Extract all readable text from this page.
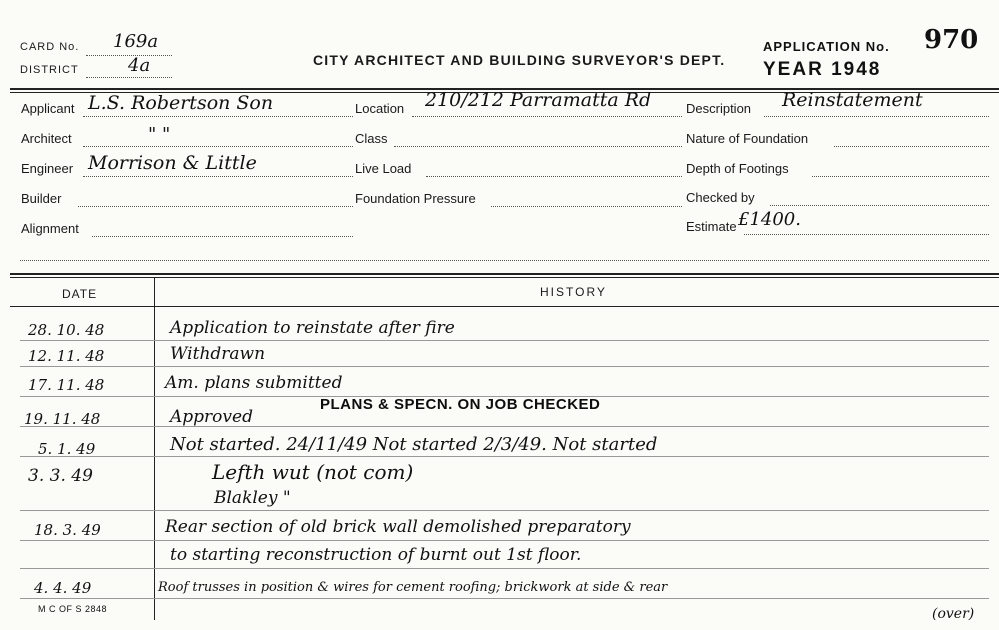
CARD No. 169a
DISTRICT	4a	CITY ARCHITECT AND BUILDING SURVEYOR'S DEPT.
APPLICATION No. 970
YEAR 1948
Applicant L.S. Robertson Son
Architect	" "
Engineer Morrison & Little
Builder
Alignment
Location 210/212 Parramatta Rd
Class
Live Load
Foundation Pressure
Description Reinstatement
Nature of Foundation
Depth of Footings
Checked by
Estimate £1400.
DATE	HISTORY
28. 10. 48	Application to reinstate after fire
12. 11. 48	Withdrawn
17. 11. 48	Am. plans submitted
PLANS & SPECN. ON JOB CHECKED
19. 11. 48	Approved
5. 1. 49	Not started. 24/11/49 Not started 2/3/49. Not started
3. 3. 49	Lefth wut (not com)
Blakley "
18. 3. 49	Rear section of old brick wall demolished preparatory
to starting reconstruction of burnt out 1st floor.
4. 4. 49	Roof trusses in position & wires for cement roofing; brickwork at side & rear
(over)
M C OF S 2848
